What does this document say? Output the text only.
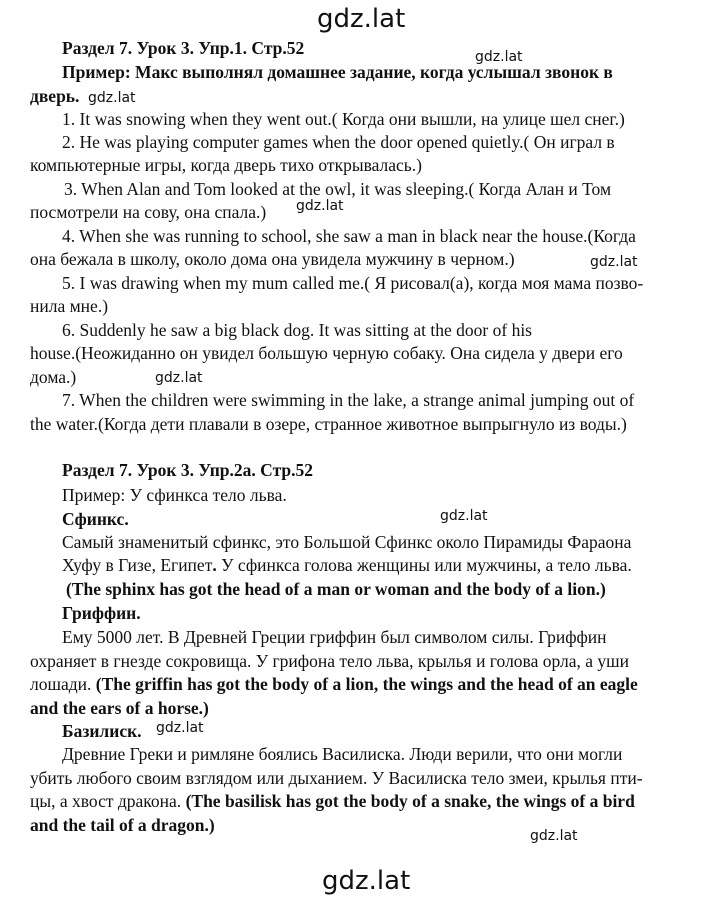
gdz.lat
gdz.lat
gdz.lat
gdz.lat
gdz.lat
gdz.lat
gdz.lat
gdz.lat
gdz.lat
gdz.lat
Раздел 7. Урок 3. Упр.1. Стр.52
Пример: Макс выполнял домашнее задание, когда услышал звонок в
дверь.
1. It was snowing when they went out.( Когда они вышли, на улице шел снег.)
2. He was playing computer games when the door opened quietly.( Он играл в
компьютерные игры, когда дверь тихо открывалась.)
3. When Alan and Tom looked at the owl, it was sleeping.( Когда Алан и Том
посмотрели на сову, она спала.)
4. When she was running to school, she saw a man in black near the house.(Когда
она бежала в школу, около дома она увидела мужчину в черном.)
5. I was drawing when my mum called me.( Я рисовал(а), когда моя мама позво-
нила мне.)
6. Suddenly he saw a big black dog. It was sitting at the door of his
house.(Неожиданно он увидел большую черную собаку. Она сидела у двери его
дома.)
7. When the children were swimming in the lake, a strange animal jumping out of
the water.(Когда дети плавали в озере, странное животное выпрыгнуло из воды.)
Раздел 7. Урок 3. Упр.2а. Стр.52
Пример: У сфинкса тело льва.
Сфинкс.
Самый знаменитый сфинкс, это Большой Сфинкс около Пирамиды Фараона
Хуфу в Гизе, Египет. У сфинкса голова женщины или мужчины, а тело льва.
(The sphinx has got the head of a man or woman and the body of a lion.)
Гриффин.
Ему 5000 лет. В Древней Греции гриффин был символом силы. Гриффин
охраняет в гнезде сокровища. У грифона тело льва, крылья и голова орла, а уши
лошади. (The griffin has got the body of a lion, the wings and the head of an eagle
and the ears of a horse.)
Базилиск.
Древние Греки и римляне боялись Василиска. Люди верили, что они могли
убить любого своим взглядом или дыханием. У Василиска тело змеи, крылья пти-
цы, а хвост дракона. (The basilisk has got the body of a snake, the wings of a bird
and the tail of a dragon.)
